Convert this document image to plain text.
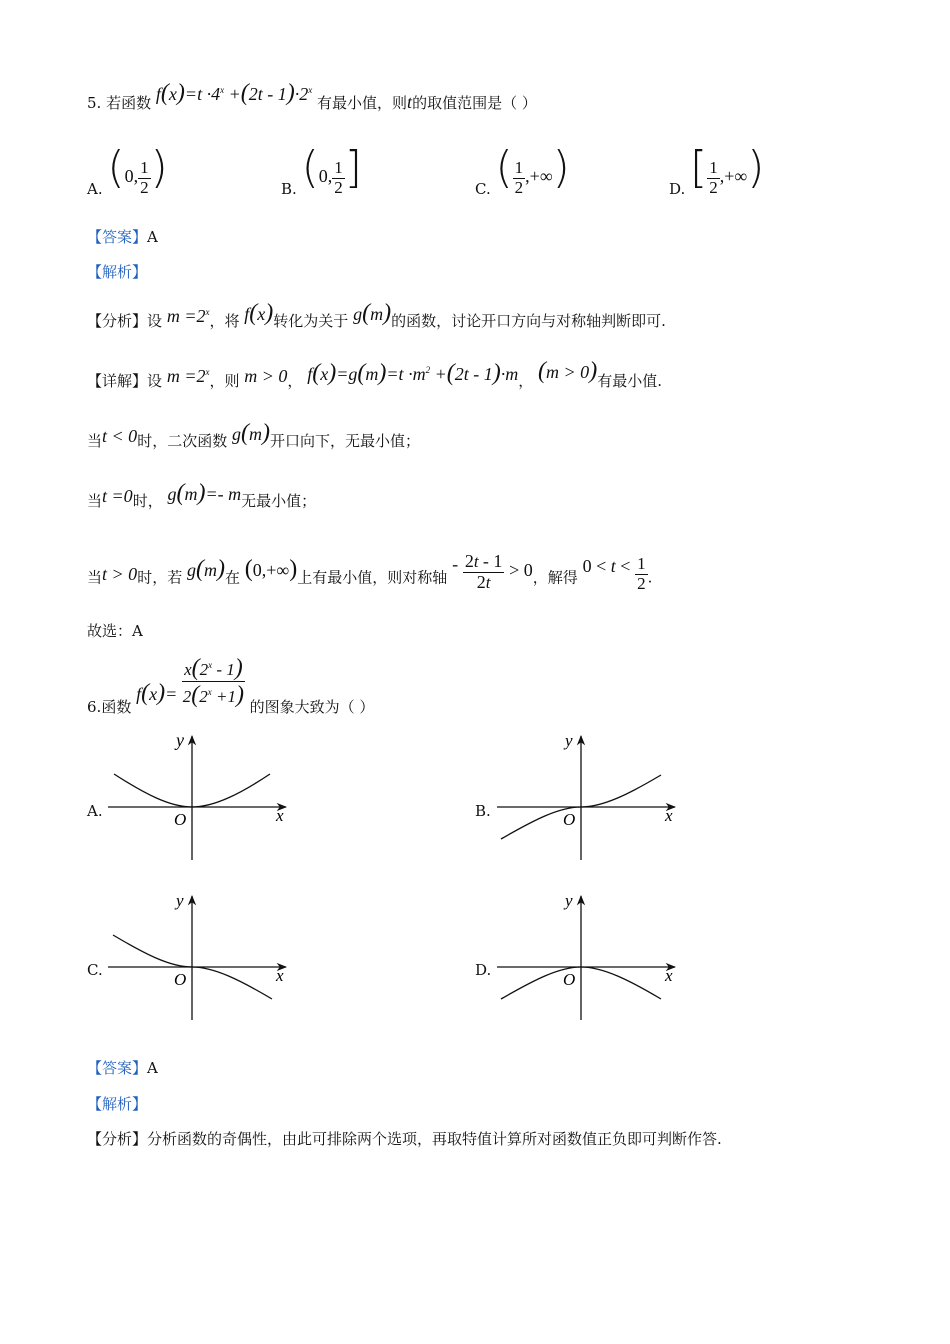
5. 若函数 $f(x)=t \cdot 4^x +(2t - 1)\cdot 2^x$ 有最小值，则t的取值范围是（ ）
A. (0, $\frac{1}{2}$ )	B. (0, $\frac{1}{2}$ ]	C. ( $\frac{1}{2}$ ,+∞)	D. [ $\frac{1}{2}$ ,+∞)
【答案】A
【解析】
【分析】设 $m =2^x$，将 f(x)转化为关于 g(m)的函数，讨论开口方向与对称轴判断即可.
【详解】设 $m =2^x$，则 m > 0， $f(x)=g(m)=t \cdot m^2 +(2t - 1)\cdot m$， (m > 0)有最小值.
当t < 0时，二次函数 g(m)开口向下，无最小值；
当t =0时， g(m)=- m无最小值；
当t > 0时，若 g(m)在 (0,+∞)上有最小值，则对称轴 - $\frac{2t - 1}{2t} > 0$，解得 $0 < t < \frac{1}{2}$ .
故选：A
6.函数 $f(x)= \frac{x(2^x - 1)}{2(2^x +1)}$ 的图象大致为（ ）
A.
y
x
O	B.
y
x
O
C.
y
x
O	D.
y
x
O
【答案】A
【解析】
【分析】分析函数的奇偶性，由此可排除两个选项，再取特值计算所对函数值正负即可判断作答.
